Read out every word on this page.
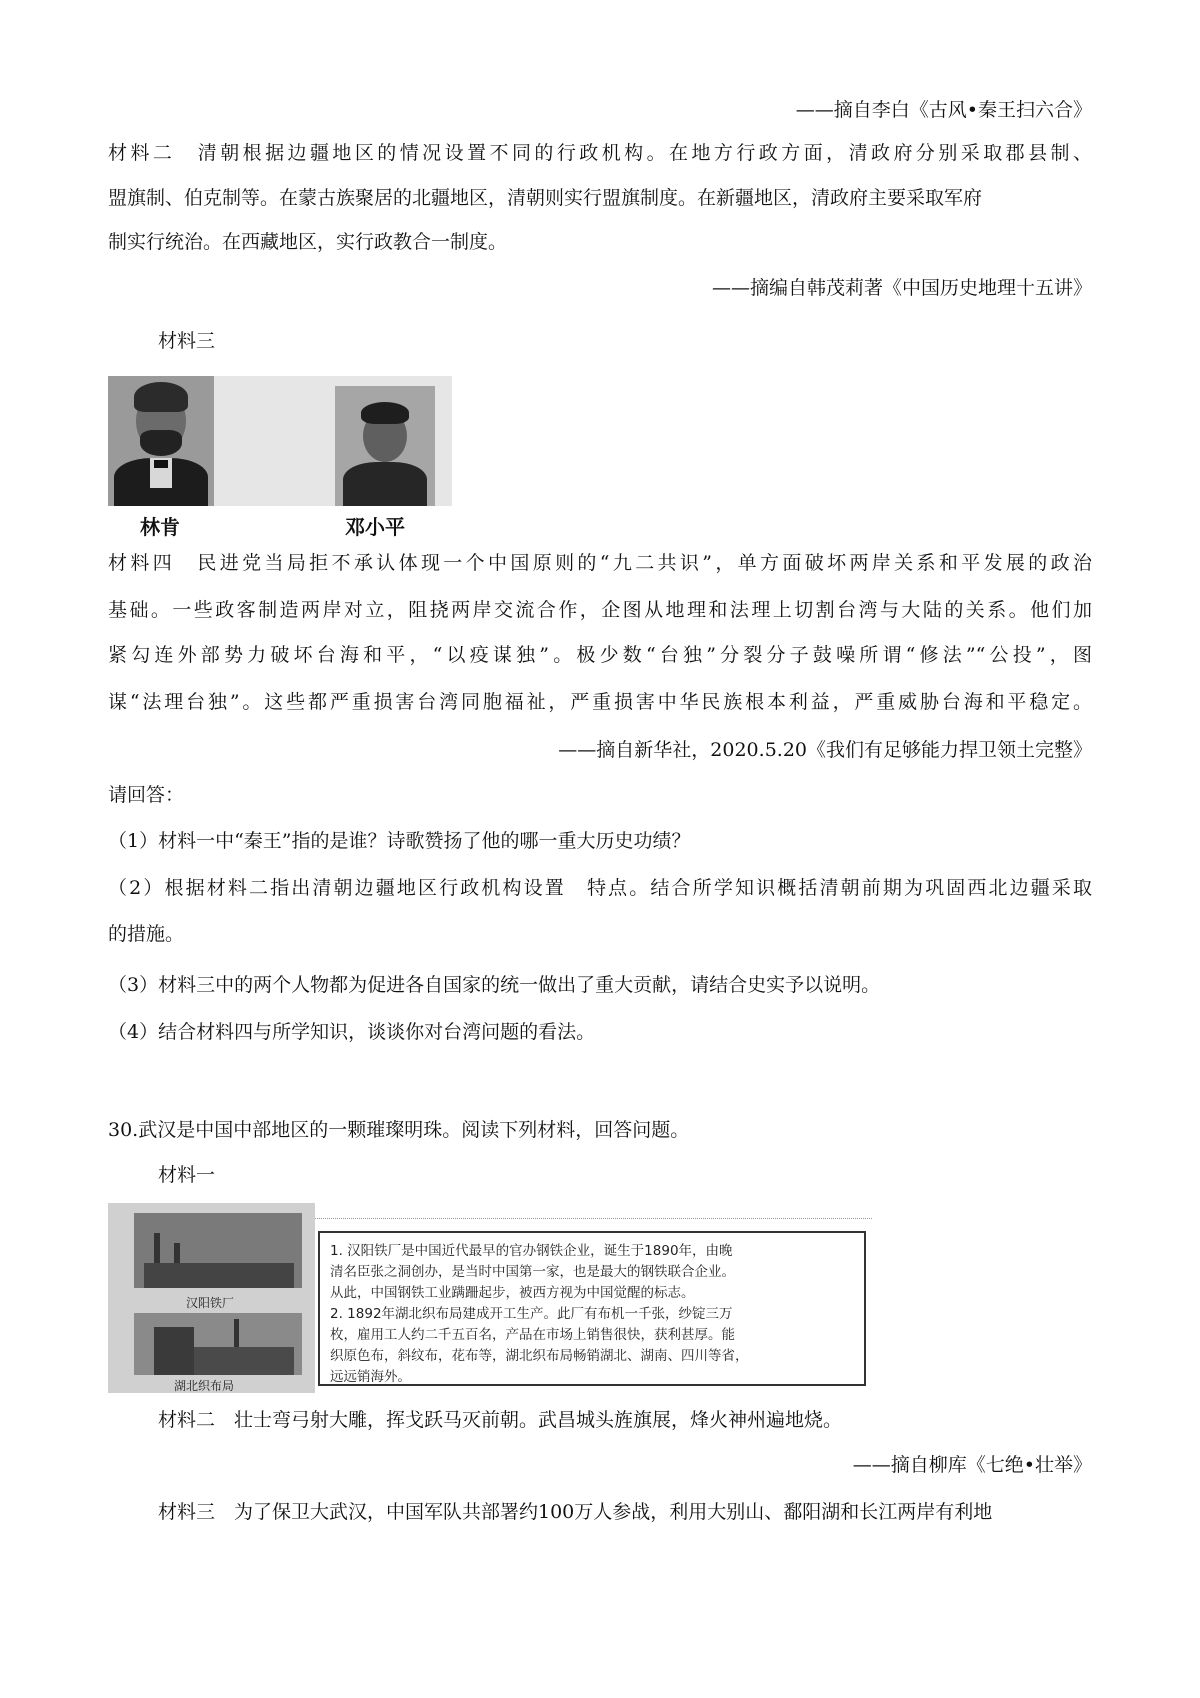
——摘自李白《古风•秦王扫六合》
材料二　清朝根据边疆地区的情况设置不同的行政机构。在地方行政方面，清政府分别采取郡县制、
盟旗制、伯克制等。在蒙古族聚居的北疆地区，清朝则实行盟旗制度。在新疆地区，清政府主要采取军府
制实行统治。在西藏地区，实行政教合一制度。
——摘编自韩茂莉著《中国历史地理十五讲》
材料三
林肯	邓小平
材料四　民进党当局拒不承认体现一个中国原则的“九二共识”，单方面破坏两岸关系和平发展的政治
基础。一些政客制造两岸对立，阻挠两岸交流合作，企图从地理和法理上切割台湾与大陆的关系。他们加
紧勾连外部势力破坏台海和平，“以疫谋独”。极少数“台独”分裂分子鼓噪所谓“修法”“公投”，图
谋“法理台独”。这些都严重损害台湾同胞福祉，严重损害中华民族根本利益，严重威胁台海和平稳定。
——摘自新华社，2020.5.20《我们有足够能力捍卫领土完整》
请回答：
（1）材料一中“秦王”指的是谁？诗歌赞扬了他的哪一重大历史功绩？
（2）根据材料二指出清朝边疆地区行政机构设置　特点。结合所学知识概括清朝前期为巩固西北边疆采取
的措施。
（3）材料三中的两个人物都为促进各自国家的统一做出了重大贡献，请结合史实予以说明。
（4）结合材料四与所学知识，谈谈你对台湾问题的看法。
30.武汉是中国中部地区的一颗璀璨明珠。阅读下列材料，回答问题。
材料一
汉阳铁厂
湖北织布局
1. 汉阳铁厂是中国近代最早的官办钢铁企业，诞生于1890年，由晚
清名臣张之洞创办，是当时中国第一家，也是最大的钢铁联合企业。
从此，中国钢铁工业蹒跚起步，被西方视为中国觉醒的标志。
2. 1892年湖北织布局建成开工生产。此厂有布机一千张，纱锭三万
枚，雇用工人约二千五百名，产品在市场上销售很快，获利甚厚。能
织原色布，斜纹布，花布等，湖北织布局畅销湖北、湖南、四川等省，
远远销海外。
材料二　壮士弯弓射大雕，挥戈跃马灭前朝。武昌城头旌旗展，烽火神州遍地烧。
——摘自柳库《七绝•壮举》
材料三　为了保卫大武汉，中国军队共部署约100万人参战，利用大别山、鄱阳湖和长江两岸有利地
